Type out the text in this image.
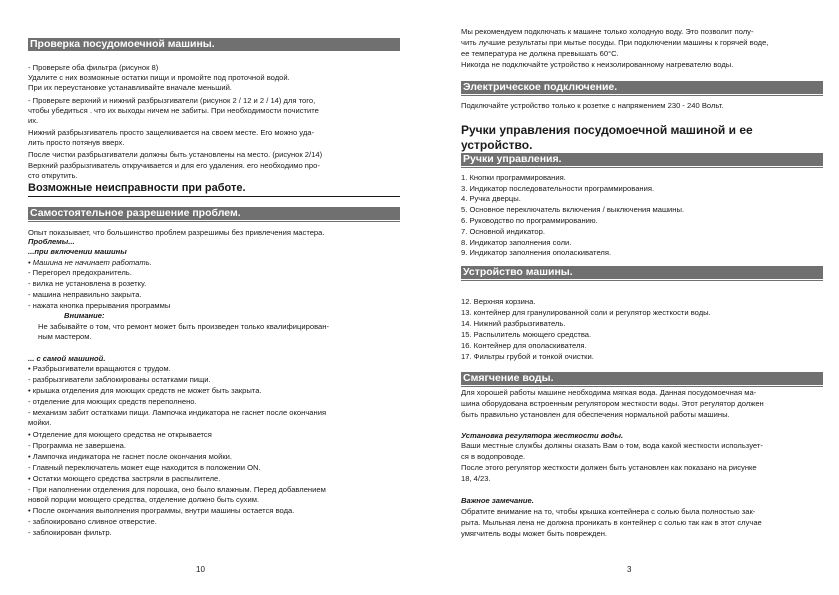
Проверка посудомоечной машины.
- Проверьте оба фильтра (рисунок 8)
Удалите с них возможные остатки пищи и промойте под проточной водой.
При их переустановке устанавливайте вначале меньший.
- Проверьте верхний и нижний разбрызгиватели (рисунок 2 / 12 и 2 / 14) для того,
чтобы убедиться . что их выходы ничем не забиты. При необходимости почистите
их.
Нижний разбрызгиватель просто защелкивается на своем месте. Его можно уда-
лить просто потянув вверх.
После чистки разбрызгиватели должны быть установлены на место. (рисунок 2/14)
Верхний разбрызгиватель откручивается и для его удаления. его необходимо про-
сто открутить.
Возможные неисправности при работе.
Самостоятельное разрешение проблем.
Опыт показывает, что большинство проблем разрешимы без привлечения мастера.
Проблемы...
...при включении машины
• Машина не начинает работать.
- Перегорел предохранитель.
- вилка не установлена в розетку.
- машина неправильно закрыта.
- нажата кнопка прерывания программы
Внимание:
Не забывайте о том, что ремонт может быть произведен только квалифицирован-
ным мастером.
... с самой машиной.
• Разбрызгиватели вращаются с трудом.
- разбрызгиватели заблокированы остатками пищи.
• крышка отделения для моющих средств не может быть закрыта.
- отделение для моющих средств переполнено.
- механизм забит остатками пищи. Лампочка индикатора не гаснет после окончания
мойки.
• Отделение для моющего средства не открывается
- Программа не завершена.
• Лампочка индикатора не гаснет после окончания мойки.
- Главный переключатель может еще находится в положении ON.
• Остатки моющего средства застряли в распылителе.
- При наполнении отделения для порошка, оно было влажным. Перед добавлением
новой порции моющего средства, отделение должно быть сухим.
• После окончания выполнения программы, внутри машины остается вода.
- заблокировано сливное отверстие.
- заблокирован фильтр.
10
Мы рекомендуем подключать к машине только холодную воду. Это позволит полу-
чить лучшие результаты при мытье посуды. При подключении машины к горячей воде,
ее температура не должна превышать 60°C.
Никогда не подключайте устройство к неизолированному нагревателю воды.
Электрическое подключение.
Подключайте устройство только к розетке с напряжением 230 - 240 Вольт.
Ручки управления посудомоечной машиной и ее
устройство.
Ручки управления.
1. Кнопки программирования.
3. Индикатор последовательности программирования.
4. Ручка дверцы.
5. Основное переключатель включения / выключения машины.
6. Руководство по программированию.
7. Основной индикатор.
8. Индикатор заполнения соли.
9. Индикатор заполнения ополаскивателя.
Устройство машины.
12. Верхняя корзина.
13. контейнер для гранулированной соли и регулятор жесткости воды.
14. Нижний разбрызгиватель.
15. Распылитель моющего средства.
16. Контейнер для ополаскивателя.
17. Фильтры грубой и тонкой очистки.
Смягчение воды.
Для хорошей работы машине необходима мягкая вода. Данная посудомоечная ма-
шина оборудована встроенным регулятором жесткости воды. Этот регулятор должен
быть правильно установлен для обеспечения нормальной работы машины.
Установка регулятора жесткости воды.
Ваши местные службы должны сказать Вам о том, вода какой жесткости использует-
ся в водопроводе.
После этого регулятор жесткости должен быть установлен как показано на рисунке
18, 4/23.
Важное замечание.
Обратите внимание на то, чтобы крышка контейнера с солью была полностью зак-
рыта. Мыльная лена не должна проникать в контейнер с солью так как в этот случае
умягчитель воды может быть поврежден.
3
